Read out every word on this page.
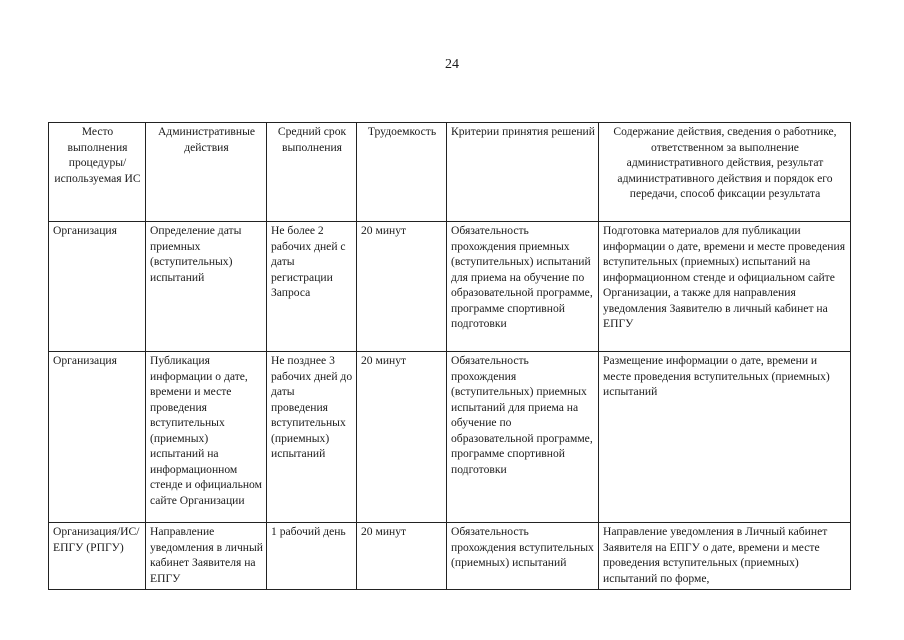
24
Место выполнения процедуры/используемая ИС	Административные действия	Средний срок выполнения	Трудоемкость	Критерии принятия решений	Содержание действия, сведения о работнике, ответственном за выполнение административного действия, результат административного действия и порядок его передачи, способ фиксации результата
Организация	Определение даты приемных (вступительных) испытаний	Не более 2 рабочих дней с даты регистрации Запроса	20 минут	Обязательность прохождения приемных (вступительных) испытаний для приема на обучение по образовательной программе, программе спортивной подготовки	Подготовка материалов для публикации информации о дате, времени и месте проведения вступительных (приемных) испытаний на информационном стенде и официальном сайте Организации, а также для направления уведомления Заявителю в личный кабинет на ЕПГУ
Организация	Публикация информации о дате, времени и месте проведения вступительных (приемных) испытаний на информационном стенде и официальном сайте Организации	Не позднее 3 рабочих дней до даты проведения вступительных (приемных) испытаний	20 минут	Обязательность прохождения (вступительных) приемных испытаний для приема на обучение по образовательной программе, программе спортивной подготовки	Размещение информации о дате, времени и месте проведения вступительных (приемных) испытаний
Организация/ИС/ЕПГУ (РПГУ)	Направление уведомления в личный кабинет Заявителя на ЕПГУ	1 рабочий день	20 минут	Обязательность прохождения вступительных (приемных) испытаний	Направление уведомления в Личный кабинет Заявителя на ЕПГУ о дате, времени и месте проведения вступительных (приемных) испытаний по форме,
